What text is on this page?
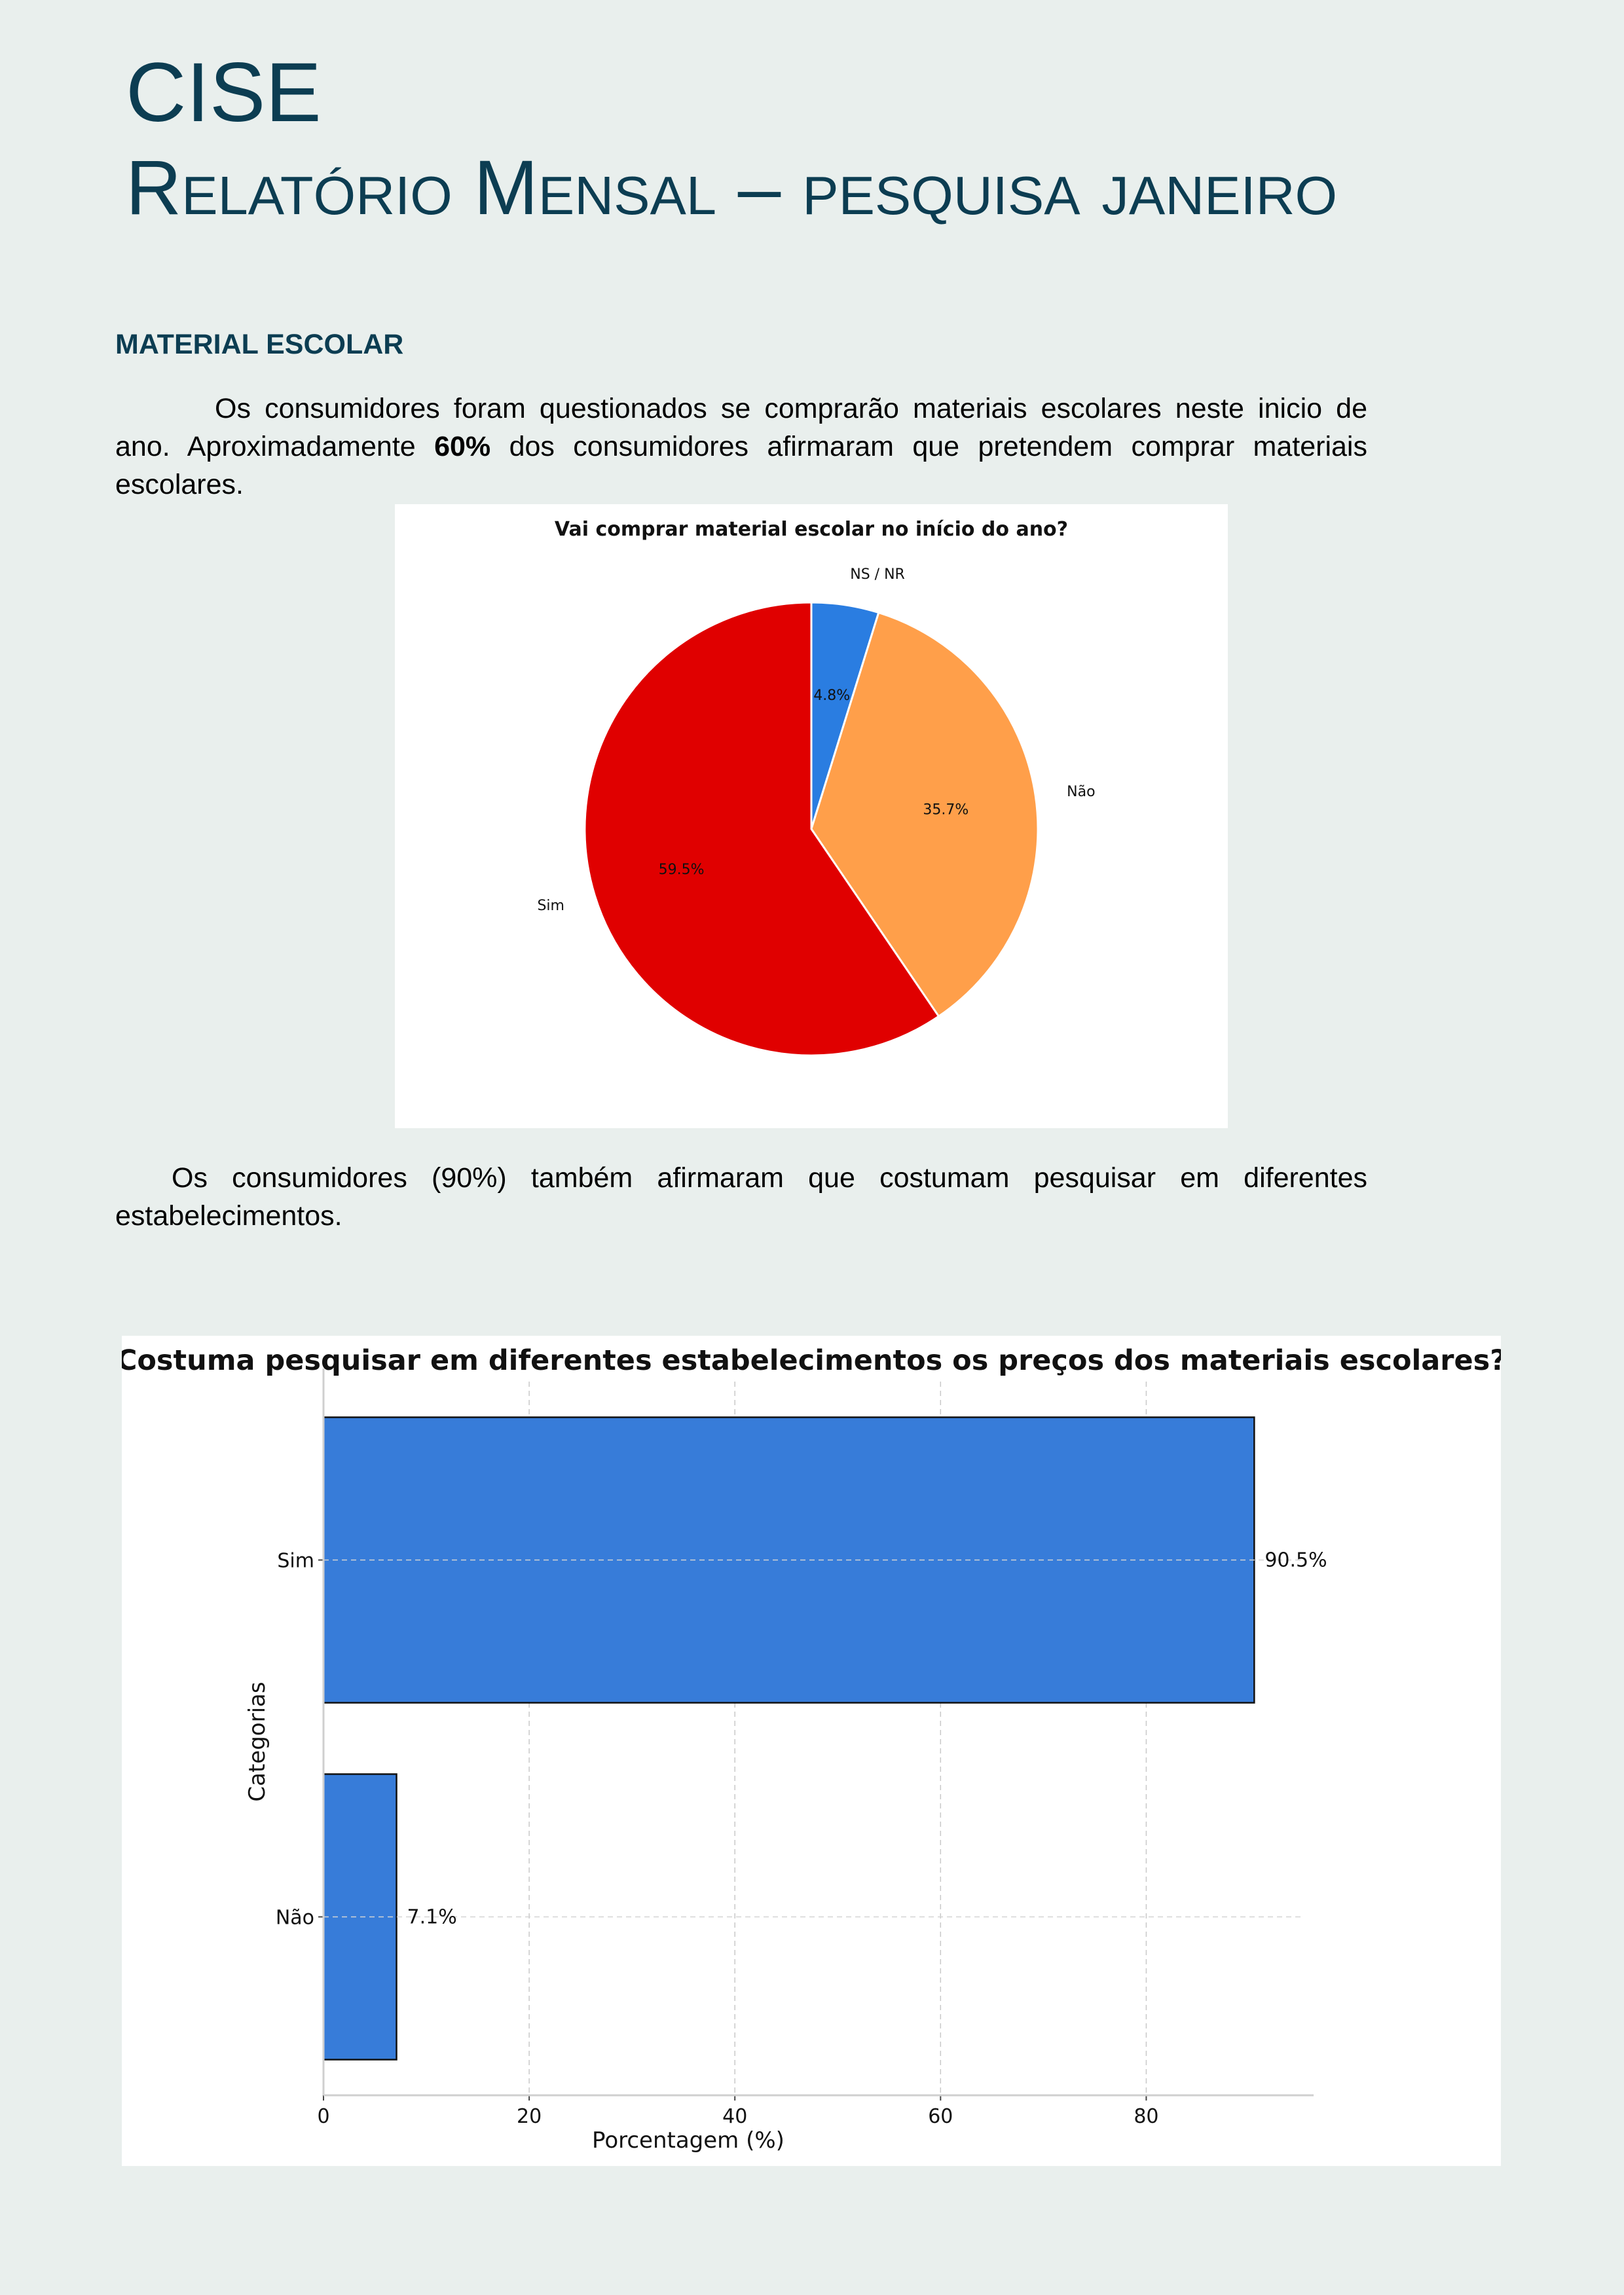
CISE
Relatório Mensal – pesquisa janeiro
MATERIAL ESCOLAR
Os consumidores foram questionados se comprarão materiais escolares neste inicio de ano. Aproximadamente 60% dos consumidores afirmaram que pretendem comprar materiais escolares.
Vai comprar material escolar no início do ano?
4.8%
NS / NR
35.7%
Não
59.5%
Sim
Os consumidores (90%) também afirmaram que costumam pesquisar em diferentes estabelecimentos.
Costuma pesquisar em diferentes estabelecimentos os preços dos materiais escolares?
90.5%
7.1%
0	20	40	60	80
Sim
Não
Porcentagem (%)
Categorias
